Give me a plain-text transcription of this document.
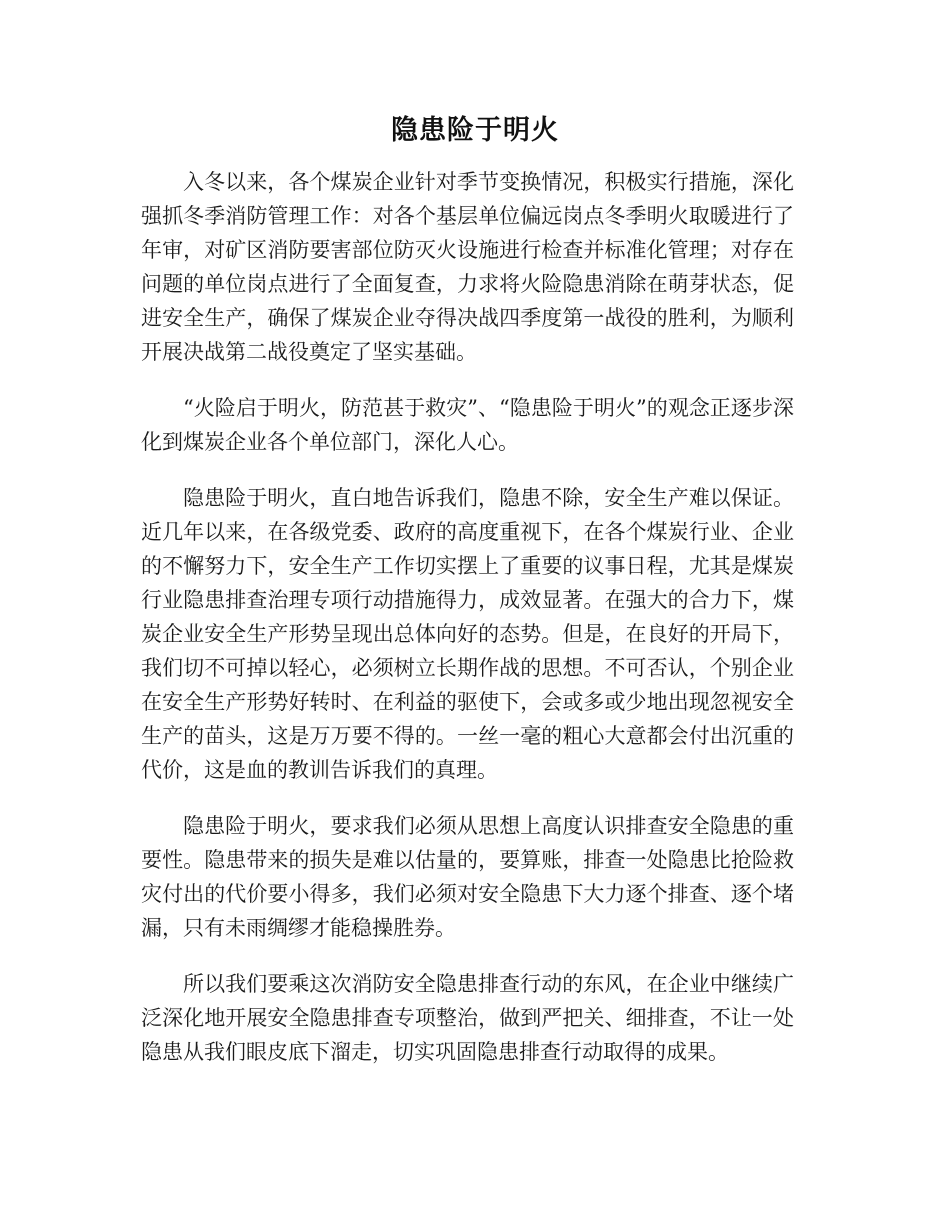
隐患险于明火

入冬以来，各个煤炭企业针对季节变换情况，积极实行措施，深化强抓冬季消防管理工作：对各个基层单位偏远岗点冬季明火取暖进行了年审，对矿区消防要害部位防灭火设施进行检查并标准化管理；对存在问题的单位岗点进行了全面复查，力求将火险隐患消除在萌芽状态，促进安全生产，确保了煤炭企业夺得决战四季度第一战役的胜利，为顺利开展决战第二战役奠定了坚实基础。

“火险启于明火，防范甚于救灾”、“隐患险于明火”的观念正逐步深化到煤炭企业各个单位部门，深化人心。

隐患险于明火，直白地告诉我们，隐患不除，安全生产难以保证。近几年以来，在各级党委、政府的高度重视下，在各个煤炭行业、企业的不懈努力下，安全生产工作切实摆上了重要的议事日程，尤其是煤炭行业隐患排查治理专项行动措施得力，成效显著。在强大的合力下，煤炭企业安全生产形势呈现出总体向好的态势。但是，在良好的开局下，我们切不可掉以轻心，必须树立长期作战的思想。不可否认，个别企业在安全生产形势好转时、在利益的驱使下，会或多或少地出现忽视安全生产的苗头，这是万万要不得的。一丝一毫的粗心大意都会付出沉重的代价，这是血的教训告诉我们的真理。

隐患险于明火，要求我们必须从思想上高度认识排查安全隐患的重要性。隐患带来的损失是难以估量的，要算账，排查一处隐患比抢险救灾付出的代价要小得多，我们必须对安全隐患下大力逐个排查、逐个堵漏，只有未雨绸缪才能稳操胜券。

所以我们要乘这次消防安全隐患排查行动的东风，在企业中继续广泛深化地开展安全隐患排查专项整治，做到严把关、细排查，不让一处隐患从我们眼皮底下溜走，切实巩固隐患排查行动取得的成果。
